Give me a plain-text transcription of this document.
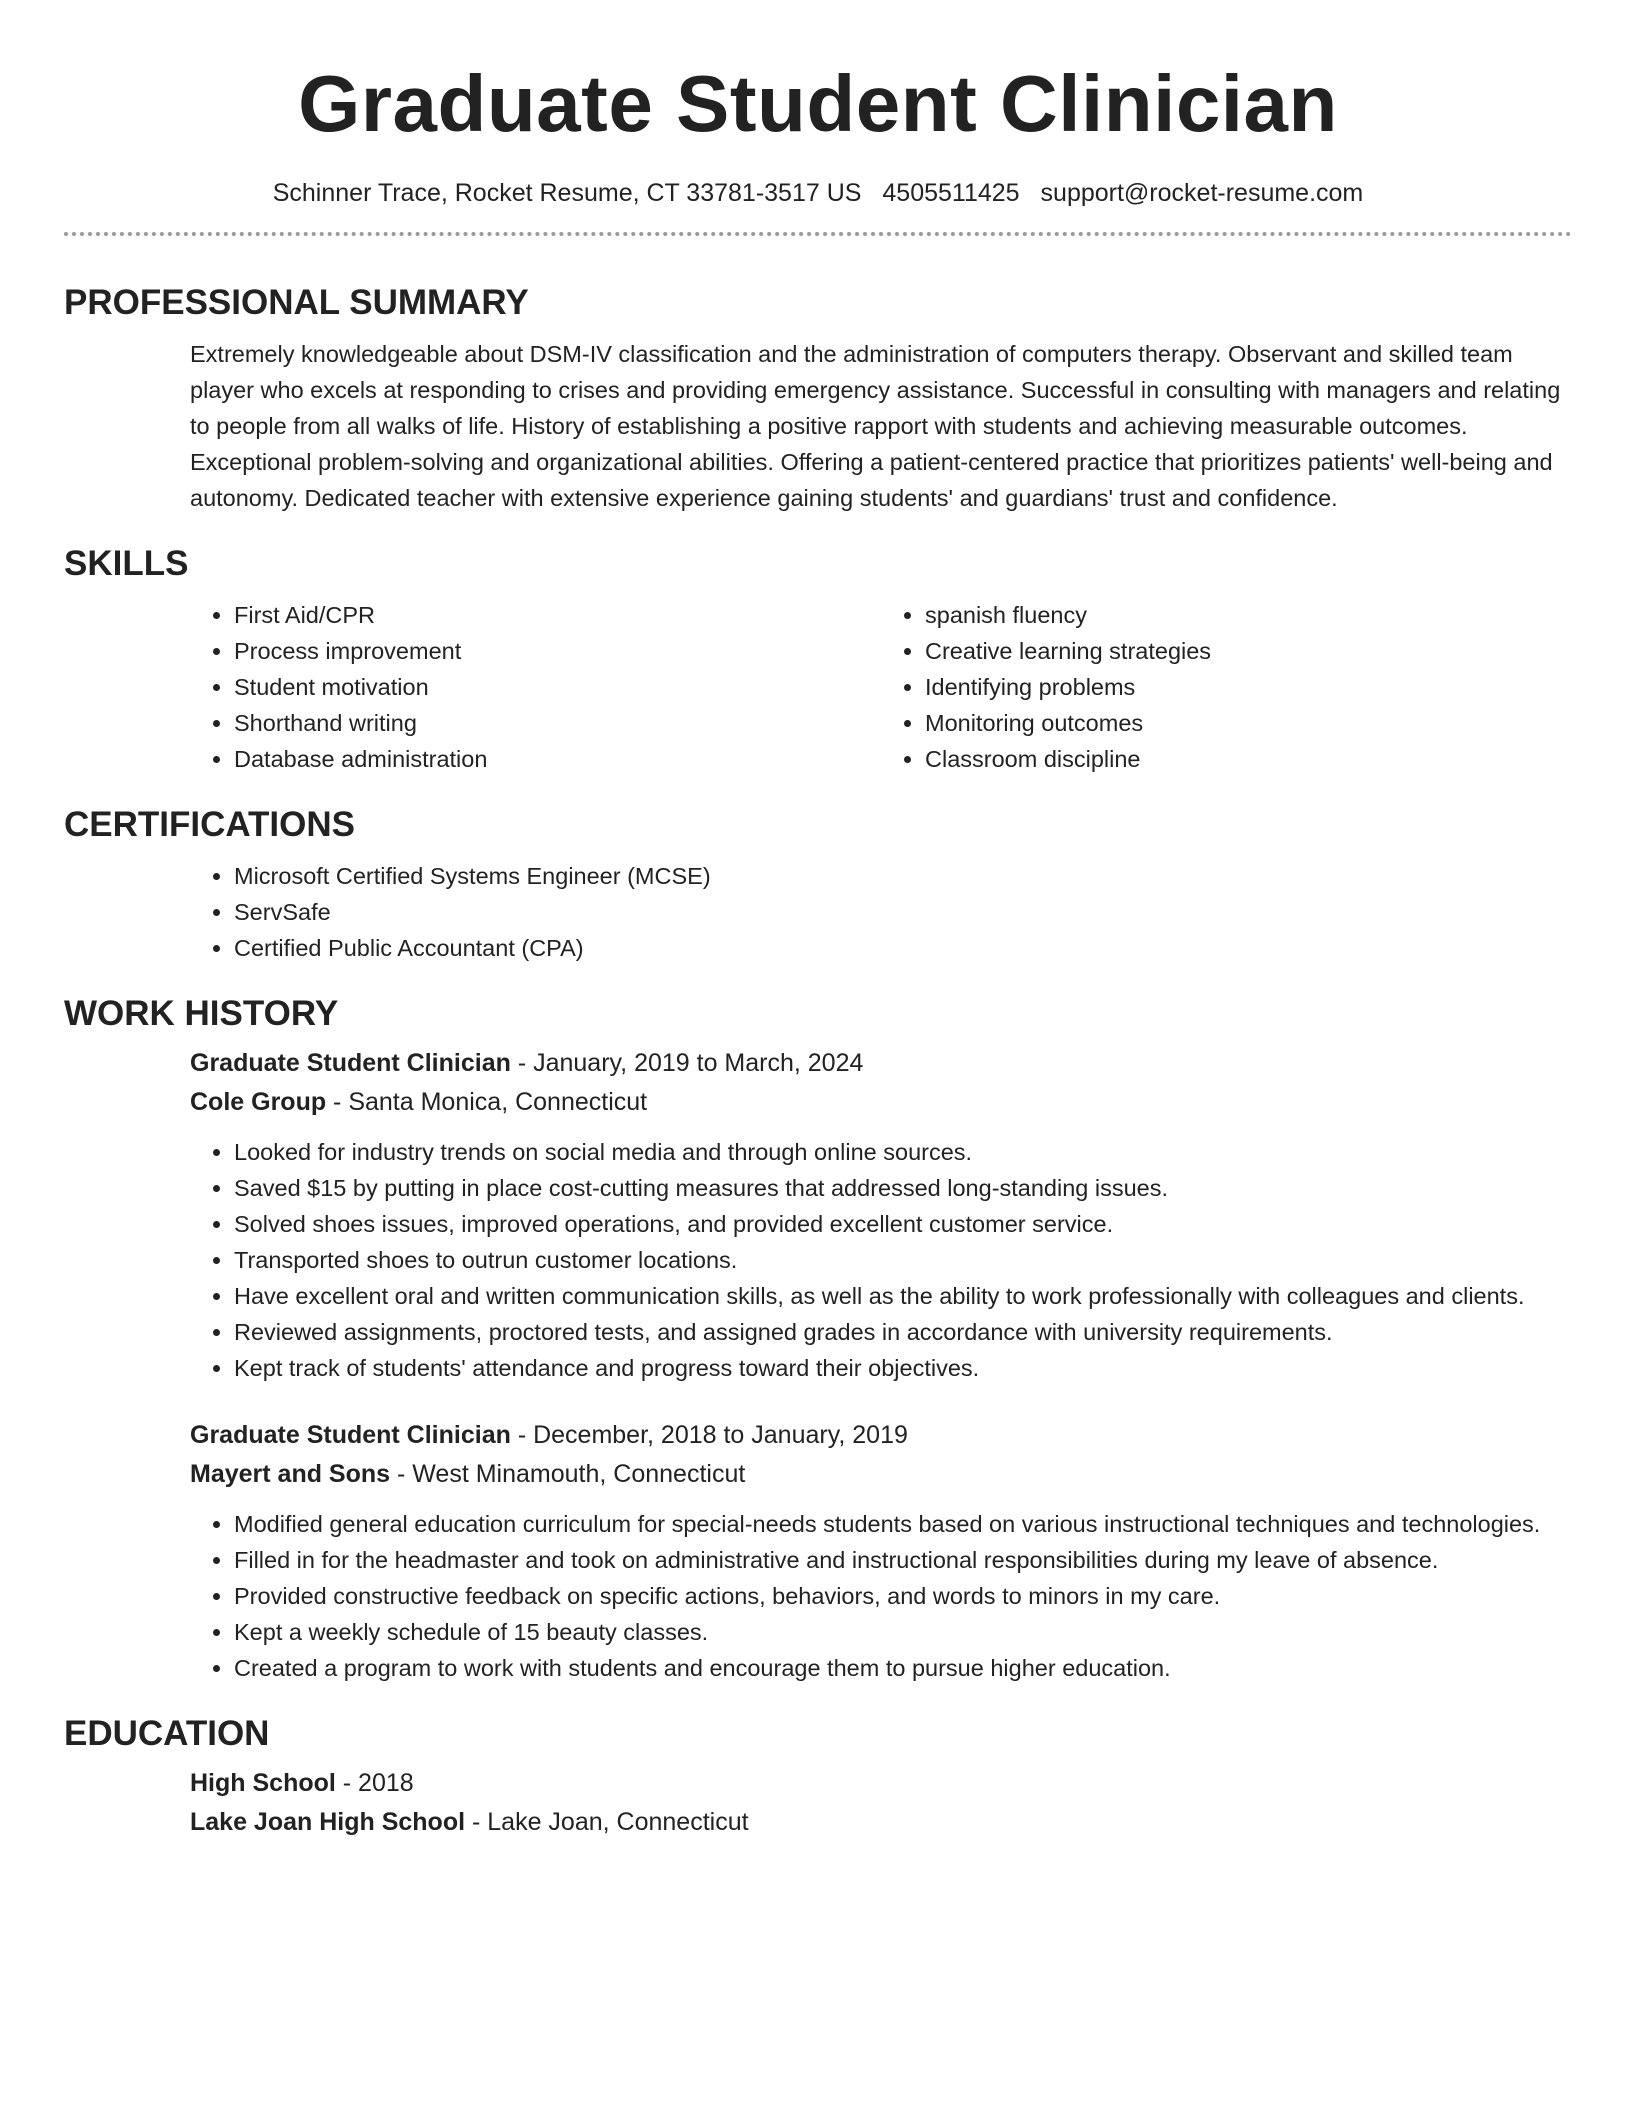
Graduate Student Clinician
Schinner Trace, Rocket Resume, CT 33781-3517 US 4505511425 support@rocket-resume.com
PROFESSIONAL SUMMARY

Extremely knowledgeable about DSM-IV classification and the administration of computers therapy. Observant and skilled team player who excels at responding to crises and providing emergency assistance. Successful in consulting with managers and relating to people from all walks of life. History of establishing a positive rapport with students and achieving measurable outcomes. Exceptional problem-solving and organizational abilities. Offering a patient-centered practice that prioritizes patients' well-being and autonomy. Dedicated teacher with extensive experience gaining students' and guardians' trust and confidence.

SKILLS
• First Aid/CPR
• Process improvement
• Student motivation
• Shorthand writing
• Database administration
• spanish fluency
• Creative learning strategies
• Identifying problems
• Monitoring outcomes
• Classroom discipline
CERTIFICATIONS
• Microsoft Certified Systems Engineer (MCSE)
• ServSafe
• Certified Public Accountant (CPA)
WORK HISTORY
Graduate Student Clinician - January, 2019 to March, 2024
Cole Group - Santa Monica, Connecticut
• Looked for industry trends on social media and through online sources.
• Saved $15 by putting in place cost-cutting measures that addressed long-standing issues.
• Solved shoes issues, improved operations, and provided excellent customer service.
• Transported shoes to outrun customer locations.
• Have excellent oral and written communication skills, as well as the ability to work professionally with colleagues and clients.
• Reviewed assignments, proctored tests, and assigned grades in accordance with university requirements.
• Kept track of students' attendance and progress toward their objectives.
Graduate Student Clinician - December, 2018 to January, 2019
Mayert and Sons - West Minamouth, Connecticut
• Modified general education curriculum for special-needs students based on various instructional techniques and technologies.
• Filled in for the headmaster and took on administrative and instructional responsibilities during my leave of absence.
• Provided constructive feedback on specific actions, behaviors, and words to minors in my care.
• Kept a weekly schedule of 15 beauty classes.
• Created a program to work with students and encourage them to pursue higher education.
EDUCATION
High School - 2018
Lake Joan High School - Lake Joan, Connecticut
